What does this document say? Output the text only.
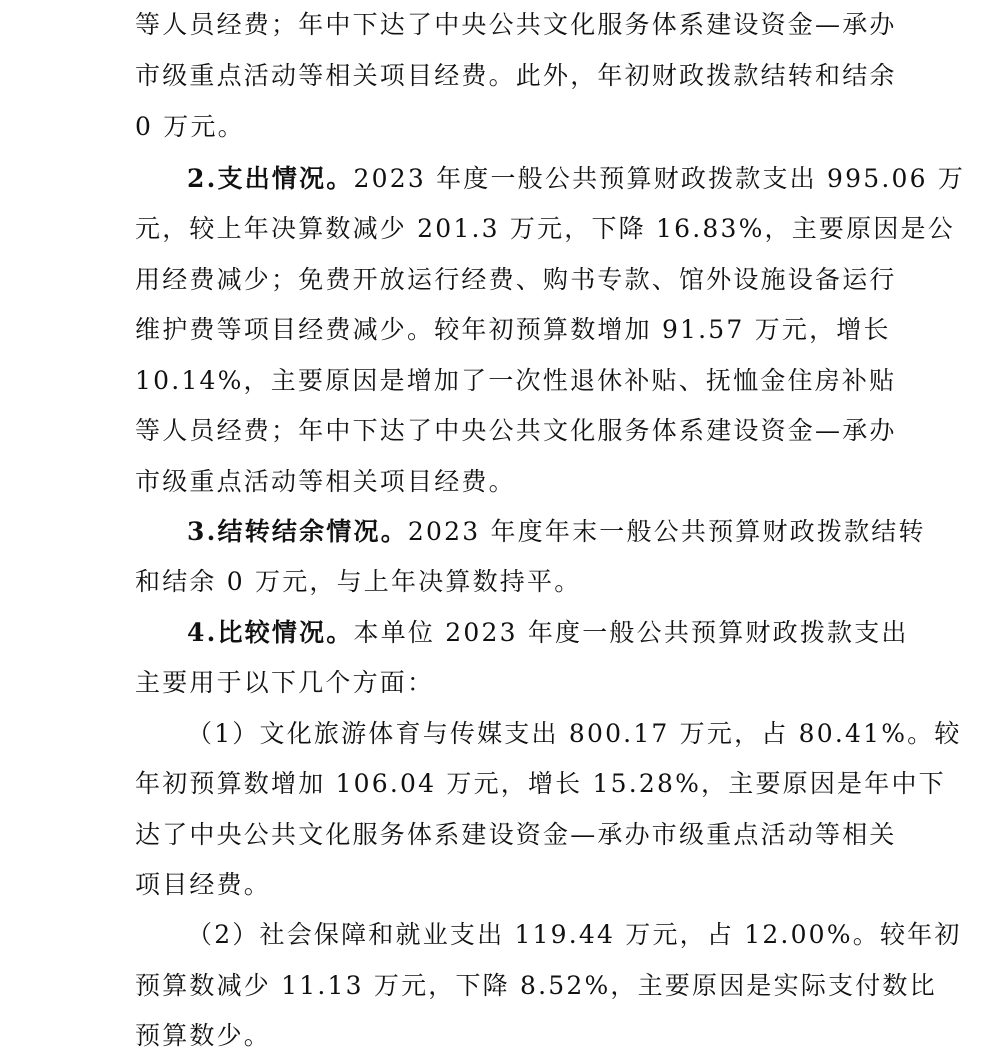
等人员经费；年中下达了中央公共文化服务体系建设资金—承办
市级重点活动等相关项目经费。此外，年初财政拨款结转和结余
0 万元。
2.支出情况。2023 年度一般公共预算财政拨款支出 995.06 万
元，较上年决算数减少 201.3 万元，下降 16.83%，主要原因是公
用经费减少；免费开放运行经费、购书专款、馆外设施设备运行
维护费等项目经费减少。较年初预算数增加 91.57 万元，增长
10.14%，主要原因是增加了一次性退休补贴、抚恤金住房补贴
等人员经费；年中下达了中央公共文化服务体系建设资金—承办
市级重点活动等相关项目经费。
3.结转结余情况。2023 年度年末一般公共预算财政拨款结转
和结余 0 万元，与上年决算数持平。
4.比较情况。本单位 2023 年度一般公共预算财政拨款支出
主要用于以下几个方面：
（1）文化旅游体育与传媒支出 800.17 万元，占 80.41%。较
年初预算数增加 106.04 万元，增长 15.28%，主要原因是年中下
达了中央公共文化服务体系建设资金—承办市级重点活动等相关
项目经费。
（2）社会保障和就业支出 119.44 万元，占 12.00%。较年初
预算数减少 11.13 万元，下降 8.52%，主要原因是实际支付数比
预算数少。
